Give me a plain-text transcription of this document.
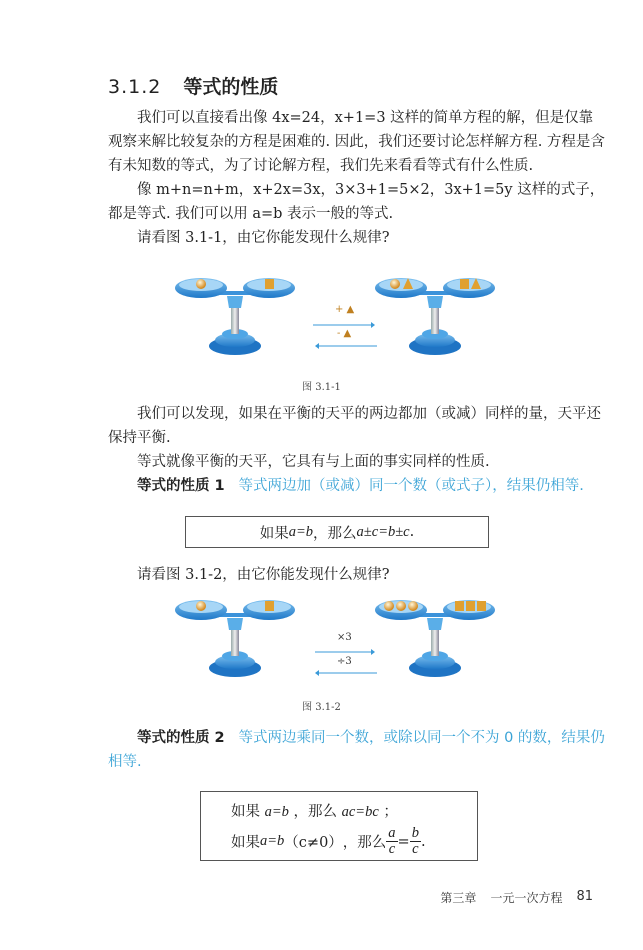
3.1.2 等式的性质

我们可以直接看出像 4x=24，x+1=3 这样的简单方程的解，但是仅靠观察来解比较复杂的方程是困难的. 因此，我们还要讨论怎样解方程. 方程是含有未知数的等式，为了讨论解方程，我们先来看看等式有什么性质.

像 m+n=n+m，x+2x=3x，3×3+1=5×2，3x+1=5y 这样的式子，都是等式. 我们可以用 a=b 表示一般的等式.

请看图 3.1-1，由它你能发现什么规律?

+ ▲
- ▲
图 3.1-1

我们可以发现，如果在平衡的天平的两边都加（或减）同样的量，天平还保持平衡.

等式就像平衡的天平，它具有与上面的事实同样的性质.

等式的性质 1 等式两边加（或减）同一个数（或式子），结果仍相等.

如果 a=b ，那么 a±c=b±c .

请看图 3.1-2，由它你能发现什么规律?

×3
÷3
图 3.1-2

等式的性质 2 等式两边乘同一个数，或除以同一个不为 0 的数，结果仍

相等.

如果 a=b ，那么 ac=bc ；
如果 a=b （c≠0） ，那么 $\frac{a}{c} = \frac{b}{c}$ .
第三章 一元一次方程 81
